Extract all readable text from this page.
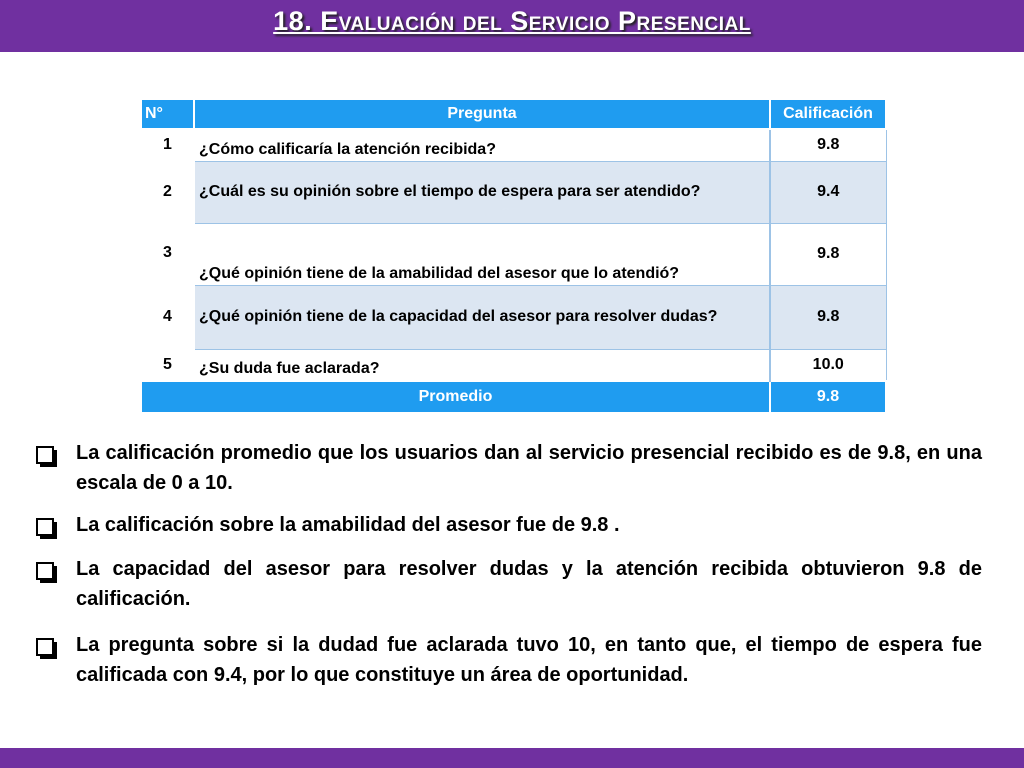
18. Evaluación del Servicio Presencial
N°	Pregunta	Calificación
1	¿Cómo calificaría la atención recibida?	9.8
2	¿Cuál es su opinión sobre el tiempo de espera para ser atendido?	9.4
3	¿Qué opinión tiene de la amabilidad del asesor que lo atendió?	9.8
4	¿Qué opinión tiene de la capacidad del asesor para resolver dudas?	9.8
5	¿Su duda fue aclarada?	10.0
Promedio		9.8
La calificación promedio que los usuarios dan al servicio presencial recibido es de 9.8, en una escala de 0 a 10.
La calificación sobre la amabilidad del asesor fue de 9.8 .
La capacidad del asesor para resolver dudas y la atención recibida obtuvieron 9.8 de calificación.
La pregunta sobre si la dudad fue aclarada tuvo 10, en tanto que, el tiempo de espera fue calificada con 9.4, por lo que constituye un área de oportunidad.
